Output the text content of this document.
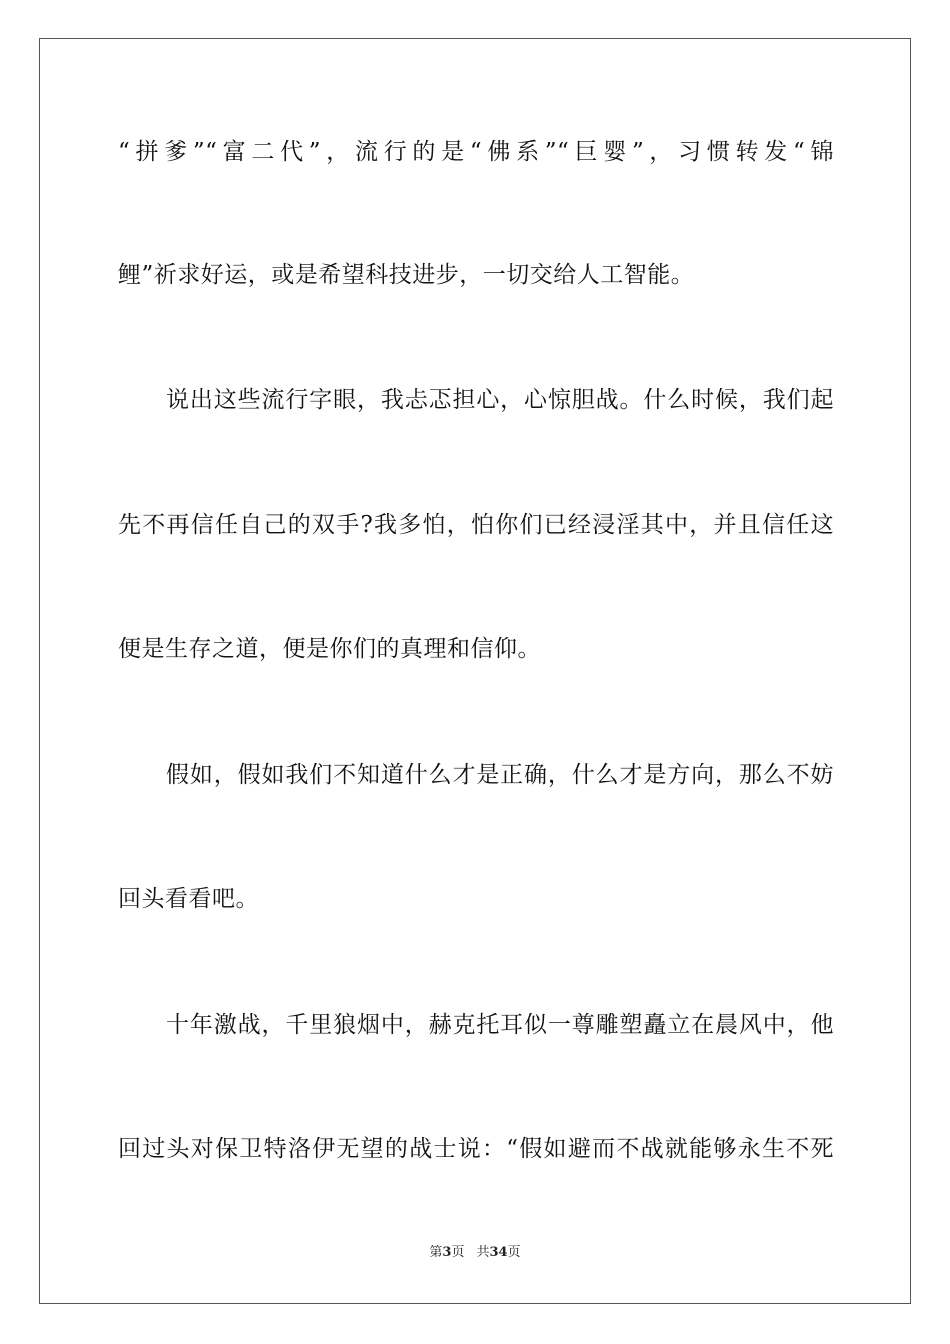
“拼爹”“富二代”，流行的是“佛系”“巨婴”，习惯转发“锦
鲤”祈求好运，或是希望科技进步，一切交给人工智能。
说出这些流行字眼，我忐忑担心，心惊胆战。什么时候，我们起
先不再信任自己的双手?我多怕，怕你们已经浸淫其中，并且信任这
便是生存之道，便是你们的真理和信仰。
假如，假如我们不知道什么才是正确，什么才是方向，那么不妨
回头看看吧。
十年激战，千里狼烟中，赫克托耳似一尊雕塑矗立在晨风中，他
回过头对保卫特洛伊无望的战士说：“假如避而不战就能够永生不死
第3页 共34页
